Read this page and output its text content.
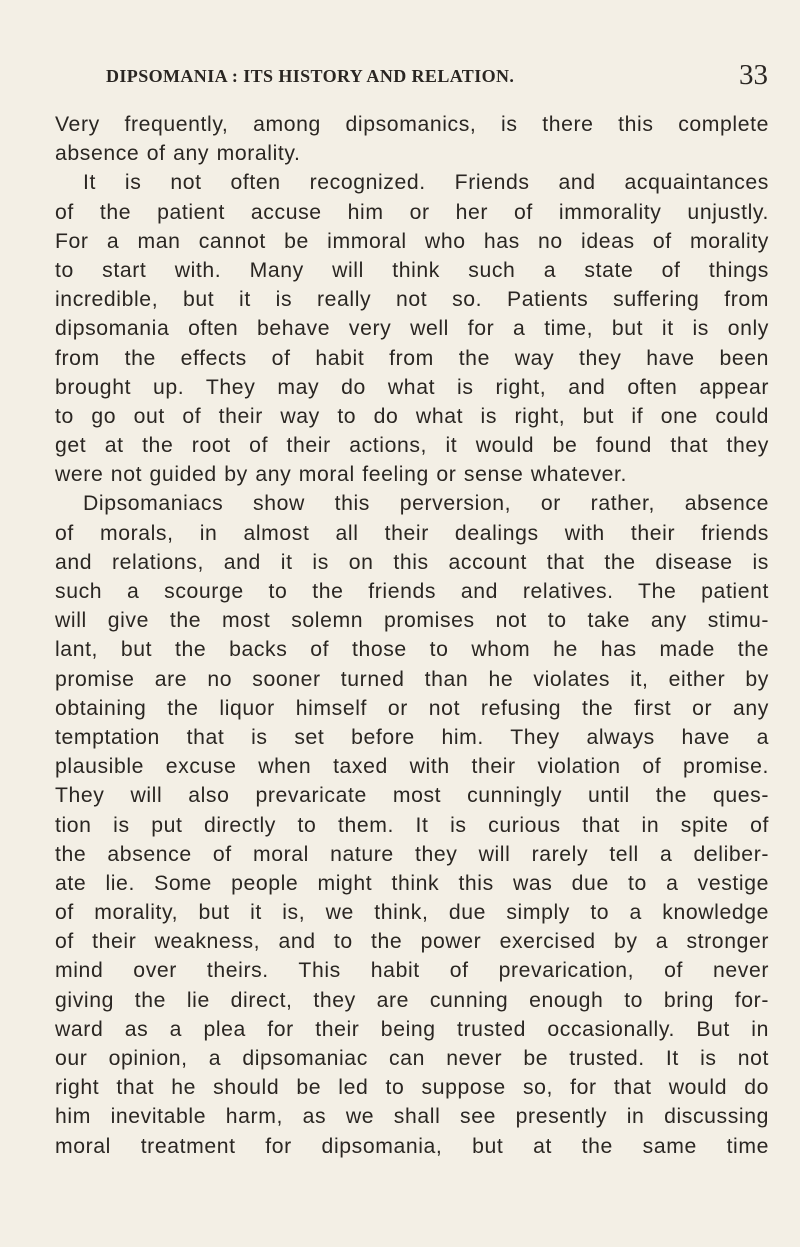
DIPSOMANIA : ITS HISTORY AND RELATION.	33
Very frequently, among dipsomanics, is there this complete
absence of any morality.
It is not often recognized. Friends and acquaintances
of the patient accuse him or her of immorality unjustly.
For a man cannot be immoral who has no ideas of morality
to start with. Many will think such a state of things
incredible, but it is really not so. Patients suffering from
dipsomania often behave very well for a time, but it is only
from the effects of habit from the way they have been
brought up. They may do what is right, and often appear
to go out of their way to do what is right, but if one could
get at the root of their actions, it would be found that they
were not guided by any moral feeling or sense whatever.
Dipsomaniacs show this perversion, or rather, absence
of morals, in almost all their dealings with their friends
and relations, and it is on this account that the disease is
such a scourge to the friends and relatives. The patient
will give the most solemn promises not to take any stimu-
lant, but the backs of those to whom he has made the
promise are no sooner turned than he violates it, either by
obtaining the liquor himself or not refusing the first or any
temptation that is set before him. They always have a
plausible excuse when taxed with their violation of promise.
They will also prevaricate most cunningly until the ques-
tion is put directly to them. It is curious that in spite of
the absence of moral nature they will rarely tell a deliber-
ate lie. Some people might think this was due to a vestige
of morality, but it is, we think, due simply to a knowledge
of their weakness, and to the power exercised by a stronger
mind over theirs. This habit of prevarication, of never
giving the lie direct, they are cunning enough to bring for-
ward as a plea for their being trusted occasionally. But in
our opinion, a dipsomaniac can never be trusted. It is not
right that he should be led to suppose so, for that would do
him inevitable harm, as we shall see presently in discussing
moral treatment for dipsomania, but at the same time
